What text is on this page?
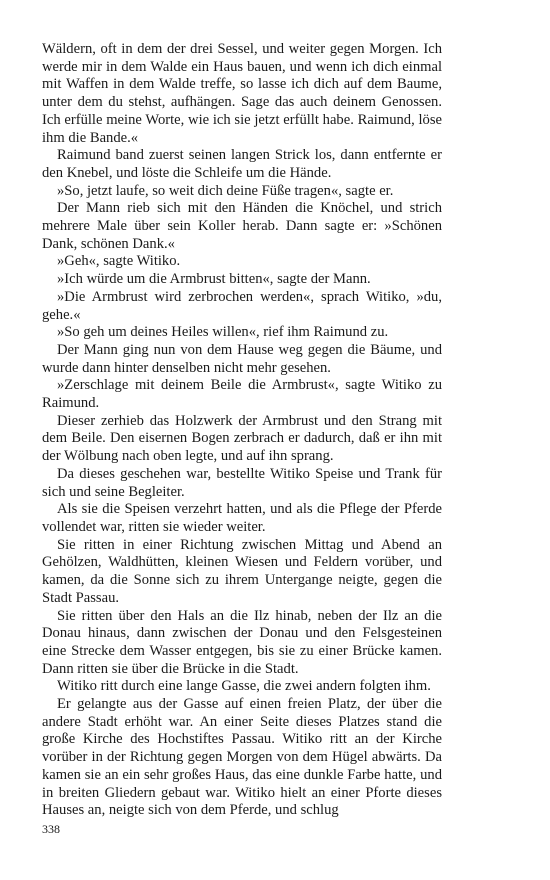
Wäldern, oft in dem der drei Sessel, und weiter gegen Morgen. Ich werde mir in dem Walde ein Haus bauen, und wenn ich dich einmal mit Waffen in dem Walde treffe, so lasse ich dich auf dem Baume, unter dem du stehst, aufhängen. Sage das auch deinem Genossen. Ich erfülle meine Worte, wie ich sie jetzt erfüllt habe. Raimund, löse ihm die Bande.«

Raimund band zuerst seinen langen Strick los, dann entfernte er den Knebel, und löste die Schleife um die Hände.

»So, jetzt laufe, so weit dich deine Füße tragen«, sagte er.

Der Mann rieb sich mit den Händen die Knöchel, und strich mehrere Male über sein Koller herab. Dann sagte er: »Schönen Dank, schönen Dank.«

»Geh«, sagte Witiko.

»Ich würde um die Armbrust bitten«, sagte der Mann.

»Die Armbrust wird zerbrochen werden«, sprach Witiko, »du, gehe.«

»So geh um deines Heiles willen«, rief ihm Raimund zu.

Der Mann ging nun von dem Hause weg gegen die Bäume, und wurde dann hinter denselben nicht mehr gesehen.

»Zerschlage mit deinem Beile die Armbrust«, sagte Witiko zu Raimund.

Dieser zerhieb das Holzwerk der Armbrust und den Strang mit dem Beile. Den eisernen Bogen zerbrach er dadurch, daß er ihn mit der Wölbung nach oben legte, und auf ihn sprang.

Da dieses geschehen war, bestellte Witiko Speise und Trank für sich und seine Begleiter.

Als sie die Speisen verzehrt hatten, und als die Pflege der Pferde vollendet war, ritten sie wieder weiter.

Sie ritten in einer Richtung zwischen Mittag und Abend an Gehölzen, Waldhütten, kleinen Wiesen und Feldern vorüber, und kamen, da die Sonne sich zu ihrem Untergange neigte, gegen die Stadt Passau.

Sie ritten über den Hals an die Ilz hinab, neben der Ilz an die Donau hinaus, dann zwischen der Donau und den Felsgesteinen eine Strecke dem Wasser entgegen, bis sie zu einer Brücke kamen. Dann ritten sie über die Brücke in die Stadt.

Witiko ritt durch eine lange Gasse, die zwei andern folgten ihm.

Er gelangte aus der Gasse auf einen freien Platz, der über die andere Stadt erhöht war. An einer Seite dieses Platzes stand die große Kirche des Hochstiftes Passau. Witiko ritt an der Kirche vorüber in der Richtung gegen Morgen von dem Hügel abwärts. Da kamen sie an ein sehr großes Haus, das eine dunkle Farbe hatte, und in breiten Gliedern gebaut war. Witiko hielt an einer Pforte dieses Hauses an, neigte sich von dem Pferde, und schlug

338
